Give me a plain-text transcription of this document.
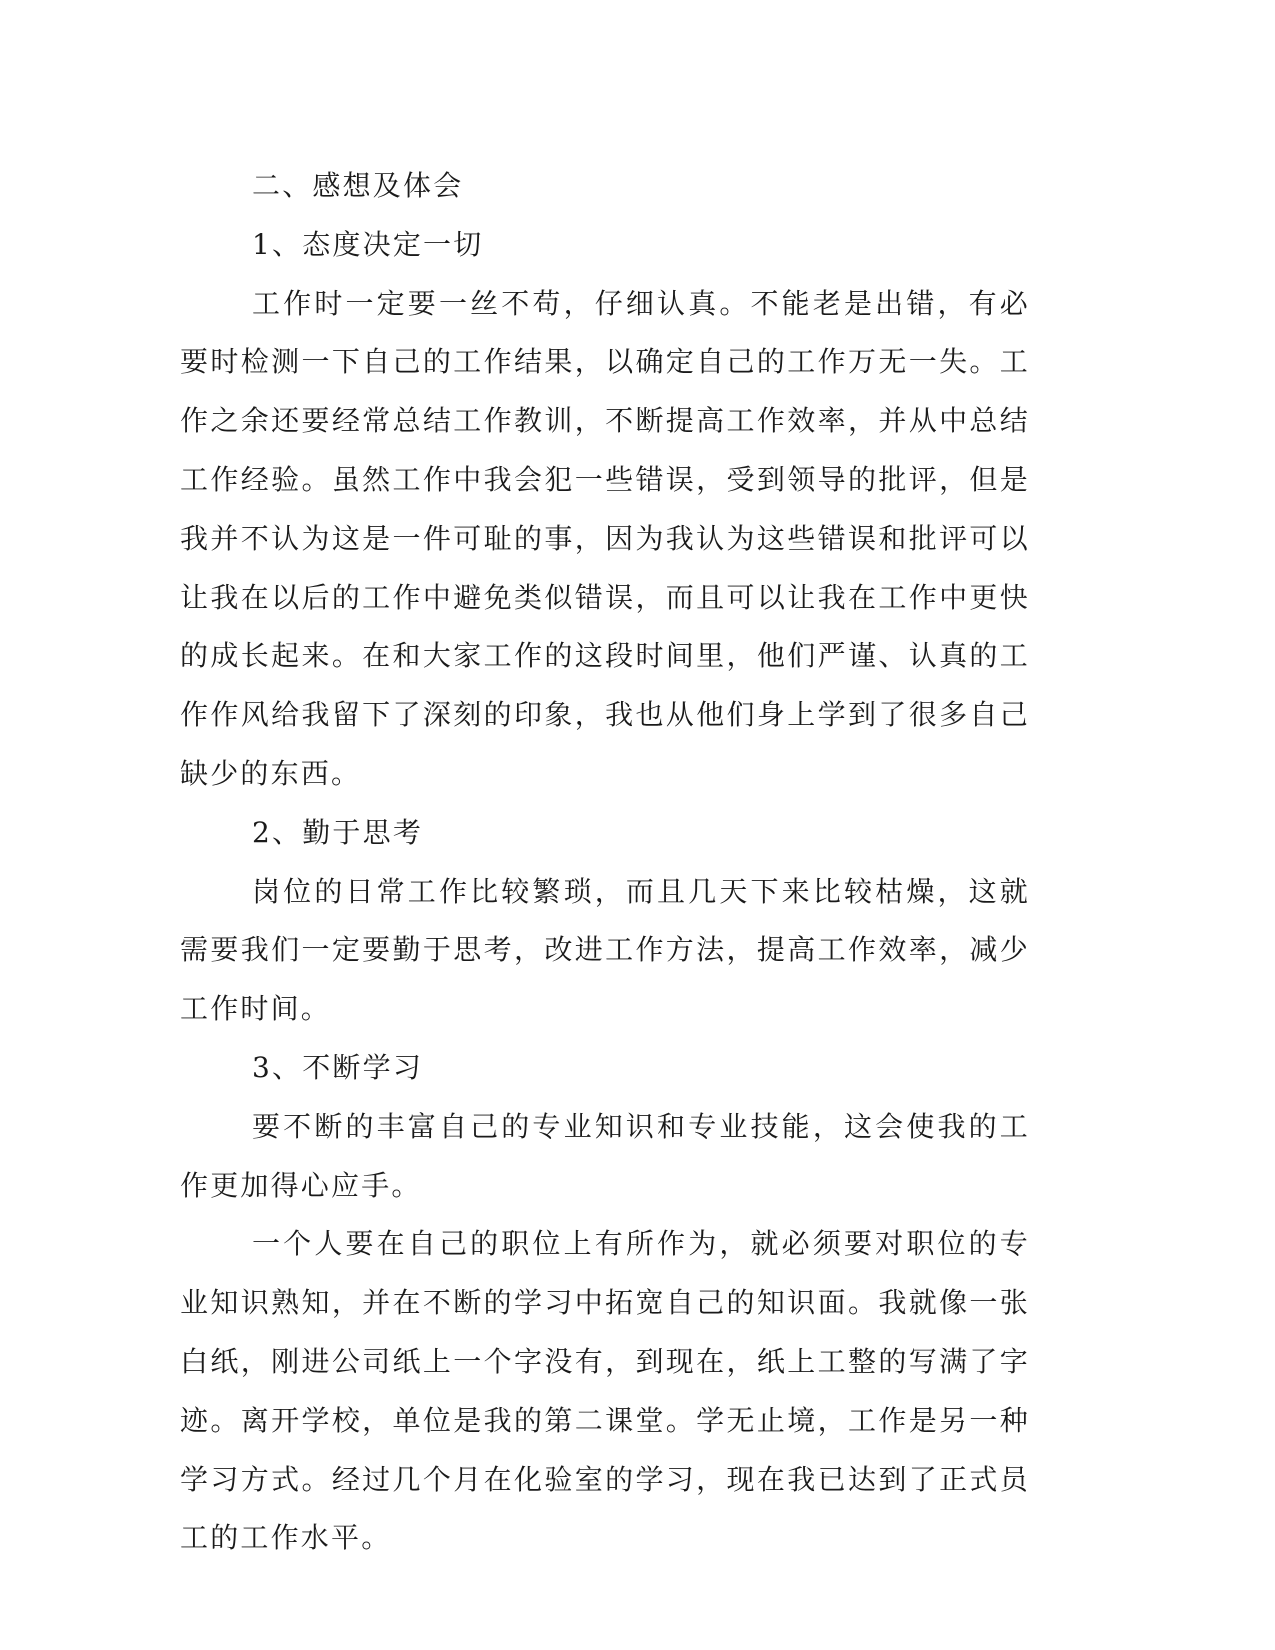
二、感想及体会

1、态度决定一切

工作时一定要一丝不苟，仔细认真。不能老是出错，有必要时检测一下自己的工作结果，以确定自己的工作万无一失。工作之余还要经常总结工作教训，不断提高工作效率，并从中总结工作经验。虽然工作中我会犯一些错误，受到领导的批评，但是我并不认为这是一件可耻的事，因为我认为这些错误和批评可以让我在以后的工作中避免类似错误，而且可以让我在工作中更快的成长起来。在和大家工作的这段时间里，他们严谨、认真的工作作风给我留下了深刻的印象，我也从他们身上学到了很多自己缺少的东西。

2、勤于思考

岗位的日常工作比较繁琐，而且几天下来比较枯燥，这就需要我们一定要勤于思考，改进工作方法，提高工作效率，减少工作时间。

3、不断学习

要不断的丰富自己的专业知识和专业技能，这会使我的工作更加得心应手。

一个人要在自己的职位上有所作为，就必须要对职位的专业知识熟知，并在不断的学习中拓宽自己的知识面。我就像一张白纸，刚进公司纸上一个字没有，到现在，纸上工整的写满了字迹。离开学校，单位是我的第二课堂。学无止境，工作是另一种学习方式。经过几个月在化验室的学习，现在我已达到了正式员工的工作水平。
